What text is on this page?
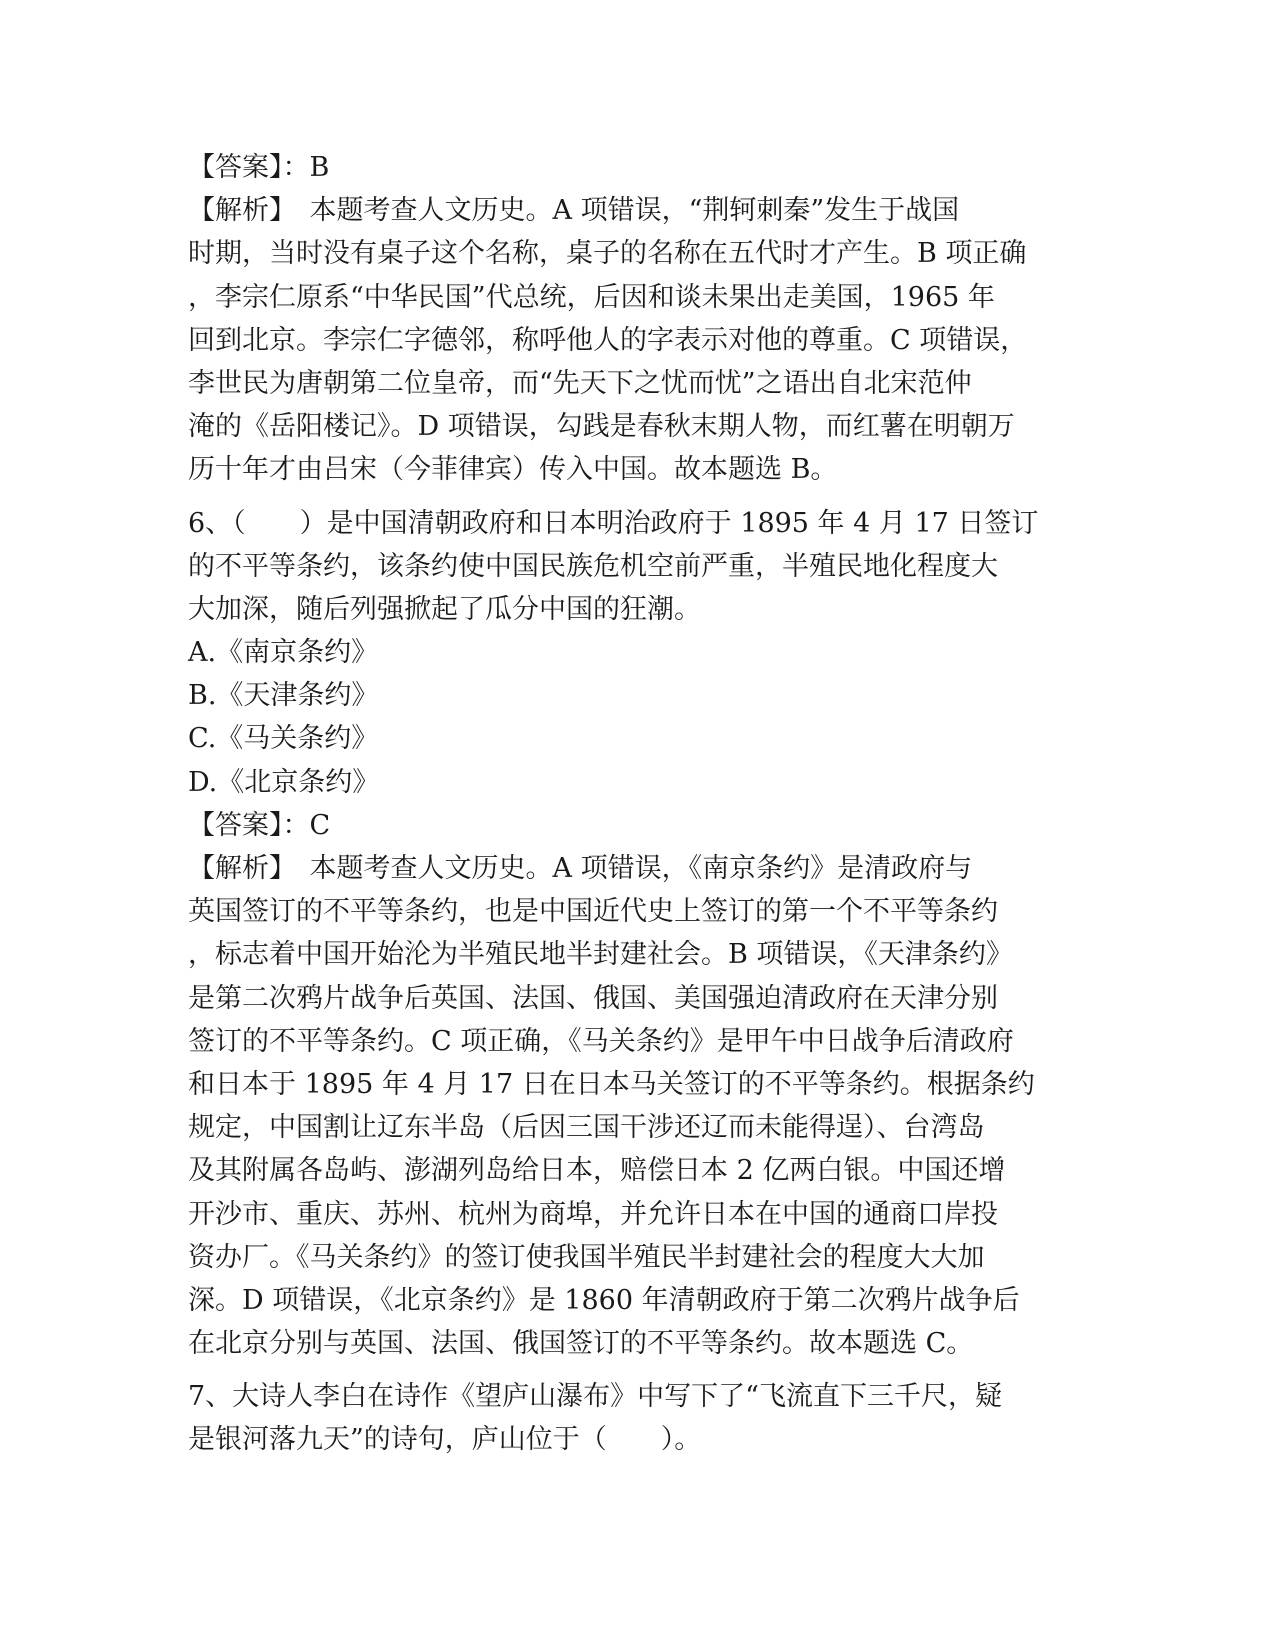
【答案】：B
【解析】　本题考查人文历史。A 项错误，“荆轲刺秦”发生于战国
时期，当时没有桌子这个名称，桌子的名称在五代时才产生。B 项正确
，李宗仁原系“中华民国”代总统，后因和谈未果出走美国，1965 年
回到北京。李宗仁字德邻，称呼他人的字表示对他的尊重。C 项错误，
李世民为唐朝第二位皇帝，而“先天下之忧而忧”之语出自北宋范仲
淹的《岳阳楼记》。D 项错误，勾践是春秋末期人物，而红薯在明朝万
历十年才由吕宋（今菲律宾）传入中国。故本题选 B。
6、（　　）是中国清朝政府和日本明治政府于 1895 年 4 月 17 日签订
的不平等条约，该条约使中国民族危机空前严重，半殖民地化程度大
大加深，随后列强掀起了瓜分中国的狂潮。
A.《南京条约》
B.《天津条约》
C.《马关条约》
D.《北京条约》
【答案】：C
【解析】　本题考查人文历史。A 项错误，《南京条约》是清政府与
英国签订的不平等条约，也是中国近代史上签订的第一个不平等条约
，标志着中国开始沦为半殖民地半封建社会。B 项错误，《天津条约》
是第二次鸦片战争后英国、法国、俄国、美国强迫清政府在天津分别
签订的不平等条约。C 项正确，《马关条约》是甲午中日战争后清政府
和日本于 1895 年 4 月 17 日在日本马关签订的不平等条约。根据条约
规定，中国割让辽东半岛（后因三国干涉还辽而未能得逞）、台湾岛
及其附属各岛屿、澎湖列岛给日本，赔偿日本 2 亿两白银。中国还增
开沙市、重庆、苏州、杭州为商埠，并允许日本在中国的通商口岸投
资办厂。《马关条约》的签订使我国半殖民半封建社会的程度大大加
深。D 项错误，《北京条约》是 1860 年清朝政府于第二次鸦片战争后
在北京分别与英国、法国、俄国签订的不平等条约。故本题选 C。
7、大诗人李白在诗作《望庐山瀑布》中写下了“飞流直下三千尺，疑
是银河落九天”的诗句，庐山位于（　　）。
